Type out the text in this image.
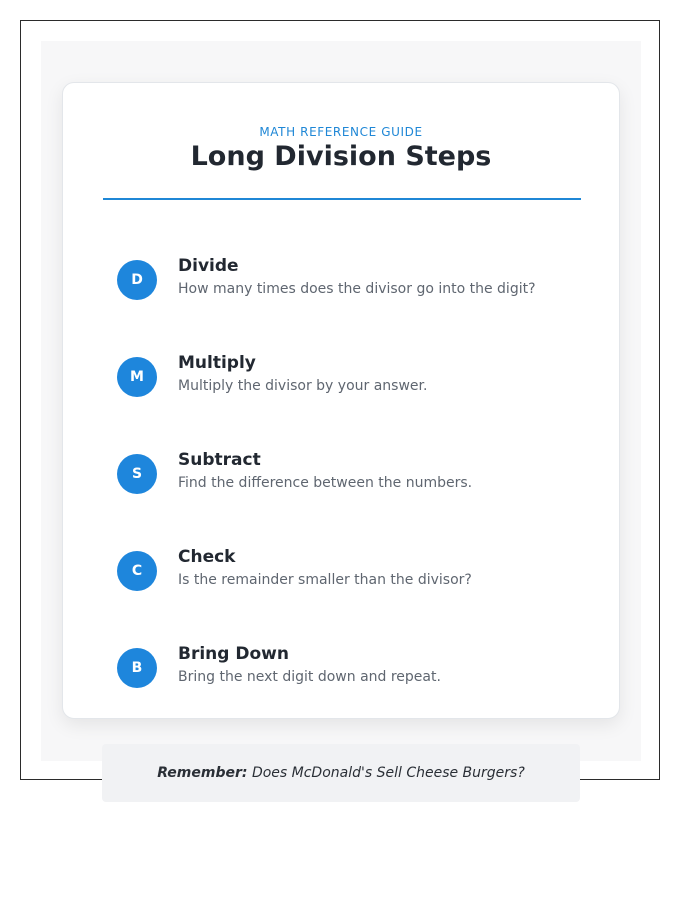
MATH REFERENCE GUIDE
Long Division Steps
D
Divide
How many times does the divisor go into the digit?
M
Multiply
Multiply the divisor by your answer.
S
Subtract
Find the difference between the numbers.
C
Check
Is the remainder smaller than the divisor?
B
Bring Down
Bring the next digit down and repeat.
Remember: Does McDonald's Sell Cheese Burgers?
